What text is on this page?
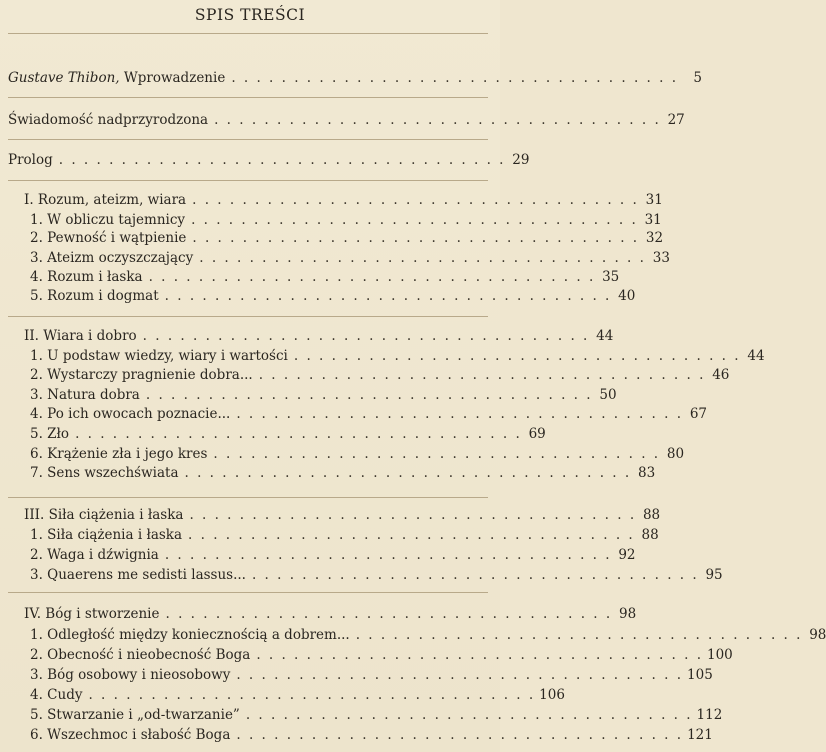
SPIS TREŚCI
Gustave Thibon, Wprowadzenie . . .	5
Świadomość nadprzyrodzona . . .	27
Prolog . . .	29
I. Rozum, ateizm, wiara . . .	31
1. W obliczu tajemnicy . . .	31
2. Pewność i wątpienie . . .	32
3. Ateizm oczyszczający . . .	33
4. Rozum i łaska . . .	35
5. Rozum i dogmat . . .	40
II. Wiara i dobro . . .	44
1. U podstaw wiedzy, wiary i wartości . . .	44
2. Wystarczy pragnienie dobra... . . .	46
3. Natura dobra . . .	50
4. Po ich owocach poznacie... . . .	67
5. Zło . . .	69
6. Krążenie zła i jego kres . . .	80
7. Sens wszechświata . . .	83
III. Siła ciążenia i łaska . . .	88
1. Siła ciążenia i łaska . . .	88
2. Waga i dźwignia . . .	92
3. Quaerens me sedisti lassus... . . .	95
IV. Bóg i stworzenie . . .	98
1. Odległość między koniecznością a dobrem... . . .	98
2. Obecność i nieobecność Boga . . .	100
3. Bóg osobowy i nieosobowy . . .	105
4. Cudy . . .	106
5. Stwarzanie i „od-twarzanie” . . .	112
6. Wszechmoc i słabość Boga . . .	121
